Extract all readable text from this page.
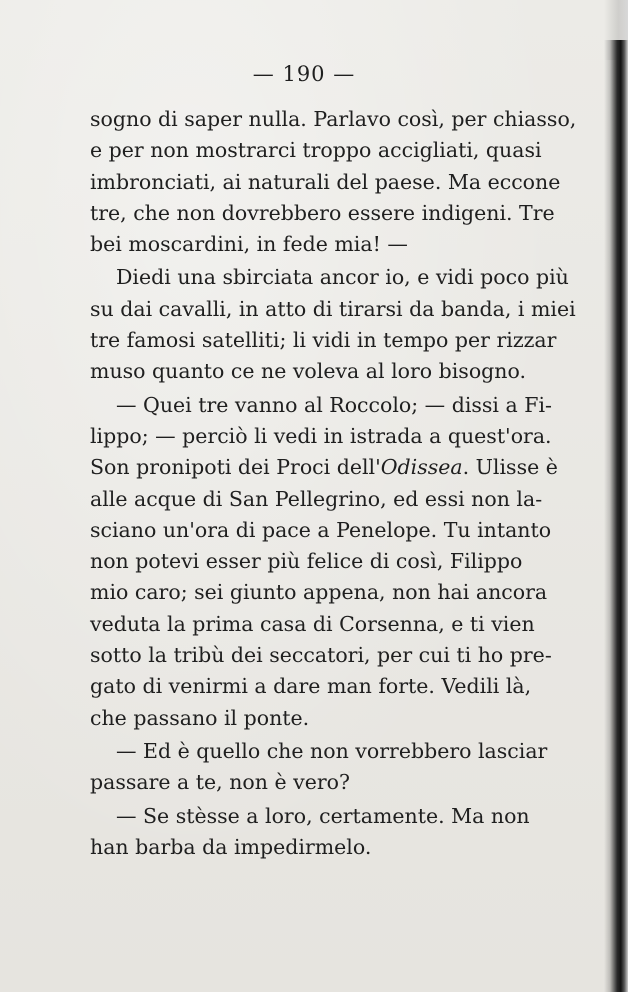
— 190 —
sogno di saper nulla. Parlavo così, per chiasso,
e per non mostrarci troppo accigliati, quasi
imbronciati, ai naturali del paese. Ma eccone
tre, che non dovrebbero essere indigeni. Tre
bei moscardini, in fede mia! —
Diedi una sbirciata ancor io, e vidi poco più
su dai cavalli, in atto di tirarsi da banda, i miei
tre famosi satelliti; li vidi in tempo per rizzar
muso quanto ce ne voleva al loro bisogno.
— Quei tre vanno al Roccolo; — dissi a Fi-
lippo; — perciò li vedi in istrada a quest'ora.
Son pronipoti dei Proci dell'Odissea. Ulisse è
alle acque di San Pellegrino, ed essi non la-
sciano un'ora di pace a Penelope. Tu intanto
non potevi esser più felice di così, Filippo
mio caro; sei giunto appena, non hai ancora
veduta la prima casa di Corsenna, e ti vien
sotto la tribù dei seccatori, per cui ti ho pre-
gato di venirmi a dare man forte. Vedili là,
che passano il ponte.
— Ed è quello che non vorrebbero lasciar
passare a te, non è vero?
— Se stèsse a loro, certamente. Ma non
han barba da impedirmelo.
